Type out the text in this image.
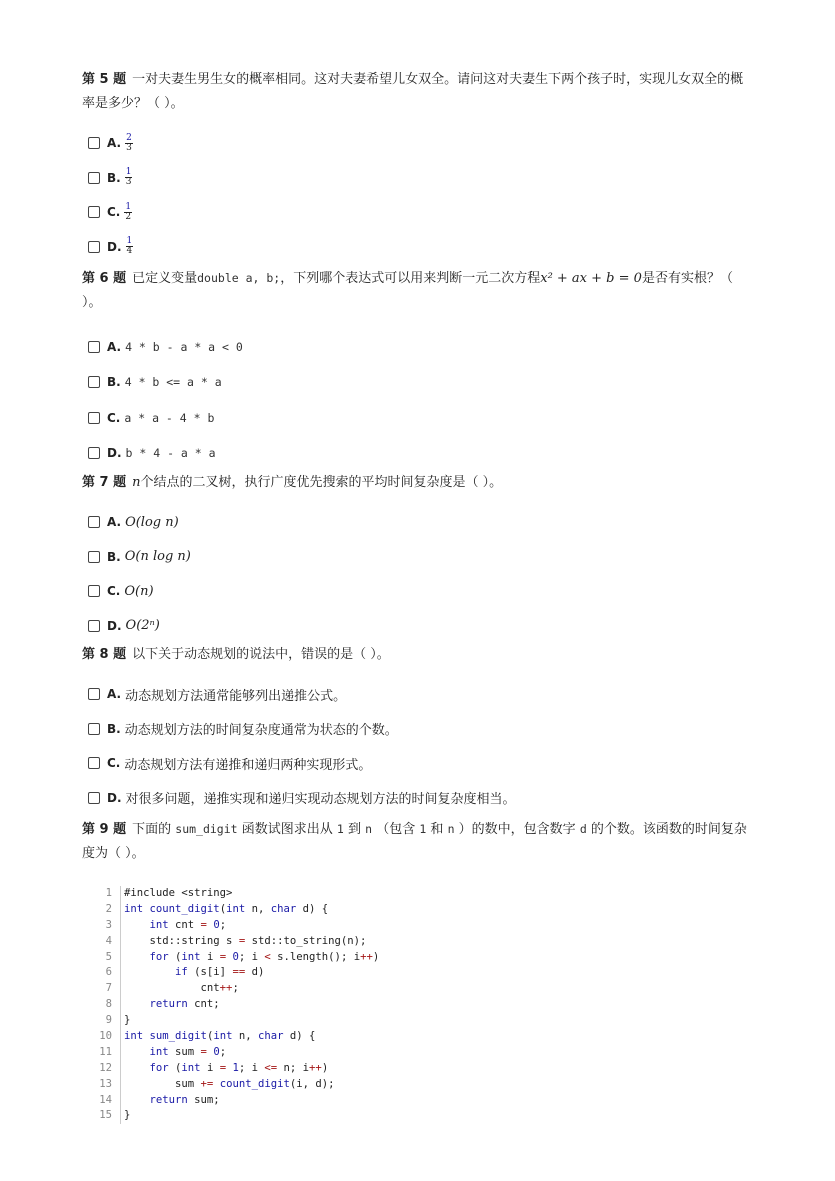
第 5 题 一对夫妻生男生女的概率相同。这对夫妻希望儿女双全。请问这对夫妻生下两个孩子时，实现儿女双全的概率是多少？（ ）。

A. $\frac{2}{3}$
B. $\frac{1}{3}$
C. $\frac{1}{2}$
D. $\frac{1}{4}$

第 6 题 已定义变量double a, b;，下列哪个表达式可以用来判断一元二次方程x² + ax + b = 0是否有实根？（ ）。

A. 4 * b - a * a < 0
B. 4 * b <= a * a
C. a * a - 4 * b
D. b * 4 - a * a

第 7 题 n个结点的二叉树，执行广度优先搜索的平均时间复杂度是（ ）。

A. O(log n)
B. O(n log n)
C. O(n)
D. O(2ⁿ)

第 8 题 以下关于动态规划的说法中，错误的是（ ）。

A. 动态规划方法通常能够列出递推公式。
B. 动态规划方法的时间复杂度通常为状态的个数。
C. 动态规划方法有递推和递归两种实现形式。
D. 对很多问题，递推实现和递归实现动态规划方法的时间复杂度相当。

第 9 题 下面的 sum_digit 函数试图求出从 1 到 n （包含 1 和 n ）的数中，包含数字 d 的个数。该函数的时间复杂度为（ ）。

1	#include <string>
2	int count_digit(int n, char d) {
3	int cnt = 0;
4	std::string s = std::to_string(n);
5	for (int i = 0; i < s.length(); i++)
6	if (s[i] == d)
7	cnt++;
8	return cnt;
9	}
10	int sum_digit(int n, char d) {
11	int sum = 0;
12	for (int i = 1; i <= n; i++)
13	sum += count_digit(i, d);
14	return sum;
15	}
